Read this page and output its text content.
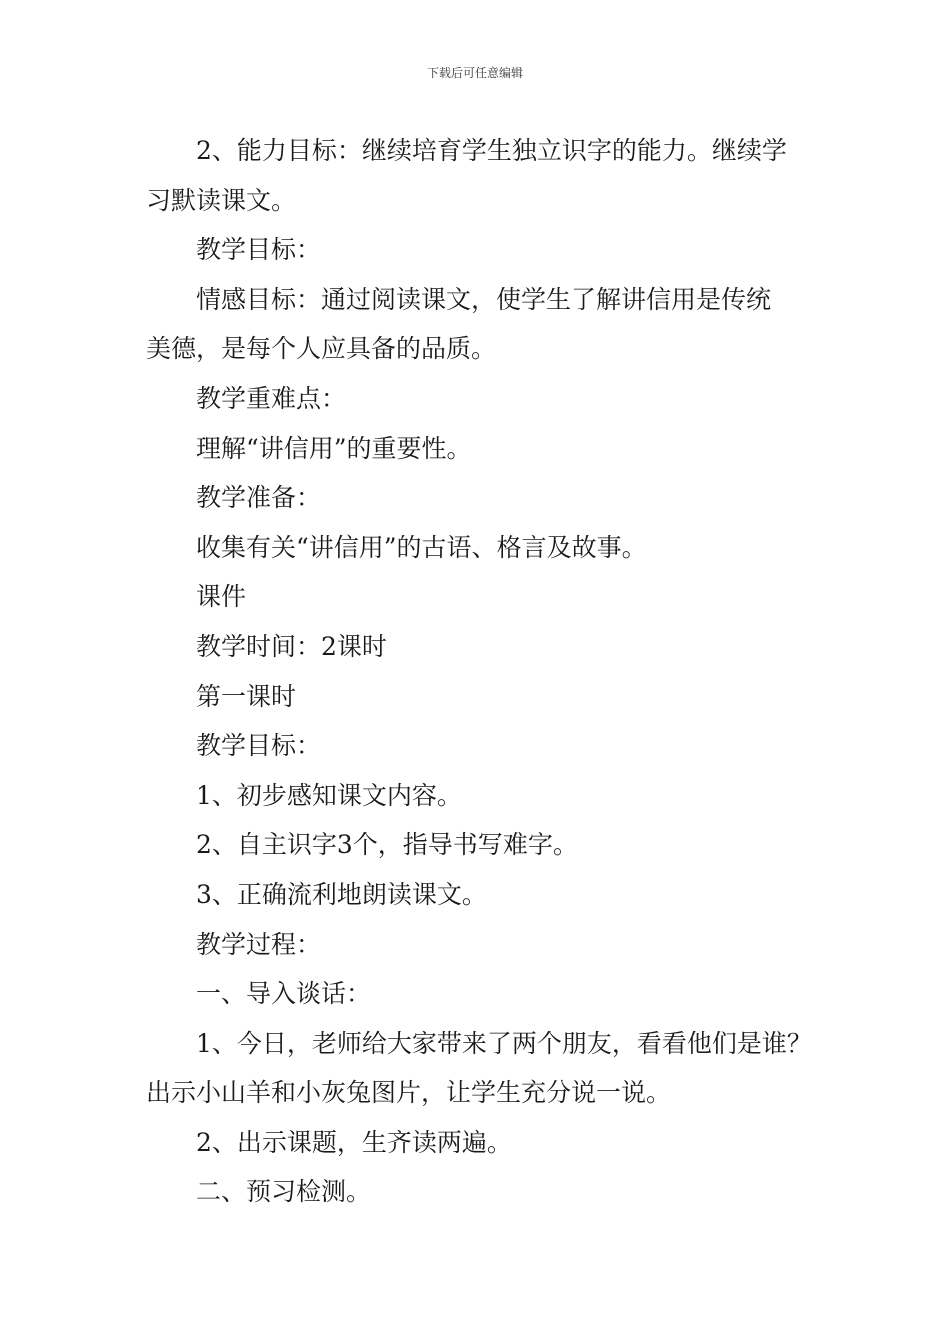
下载后可任意编辑

2、能力目标：继续培育学生独立识字的能力。继续学
习默读课文。

教学目标：

情感目标：通过阅读课文，使学生了解讲信用是传统
美德，是每个人应具备的品质。

教学重难点：

理解“讲信用”的重要性。

教学准备：

收集有关“讲信用”的古语、格言及故事。

课件

教学时间：2课时

第一课时

教学目标：

1、初步感知课文内容。

2、自主识字3个，指导书写难字。

3、正确流利地朗读课文。

教学过程：

一、导入谈话：

1、今日，老师给大家带来了两个朋友，看看他们是谁？
出示小山羊和小灰兔图片，让学生充分说一说。

2、出示课题，生齐读两遍。

二、预习检测。
